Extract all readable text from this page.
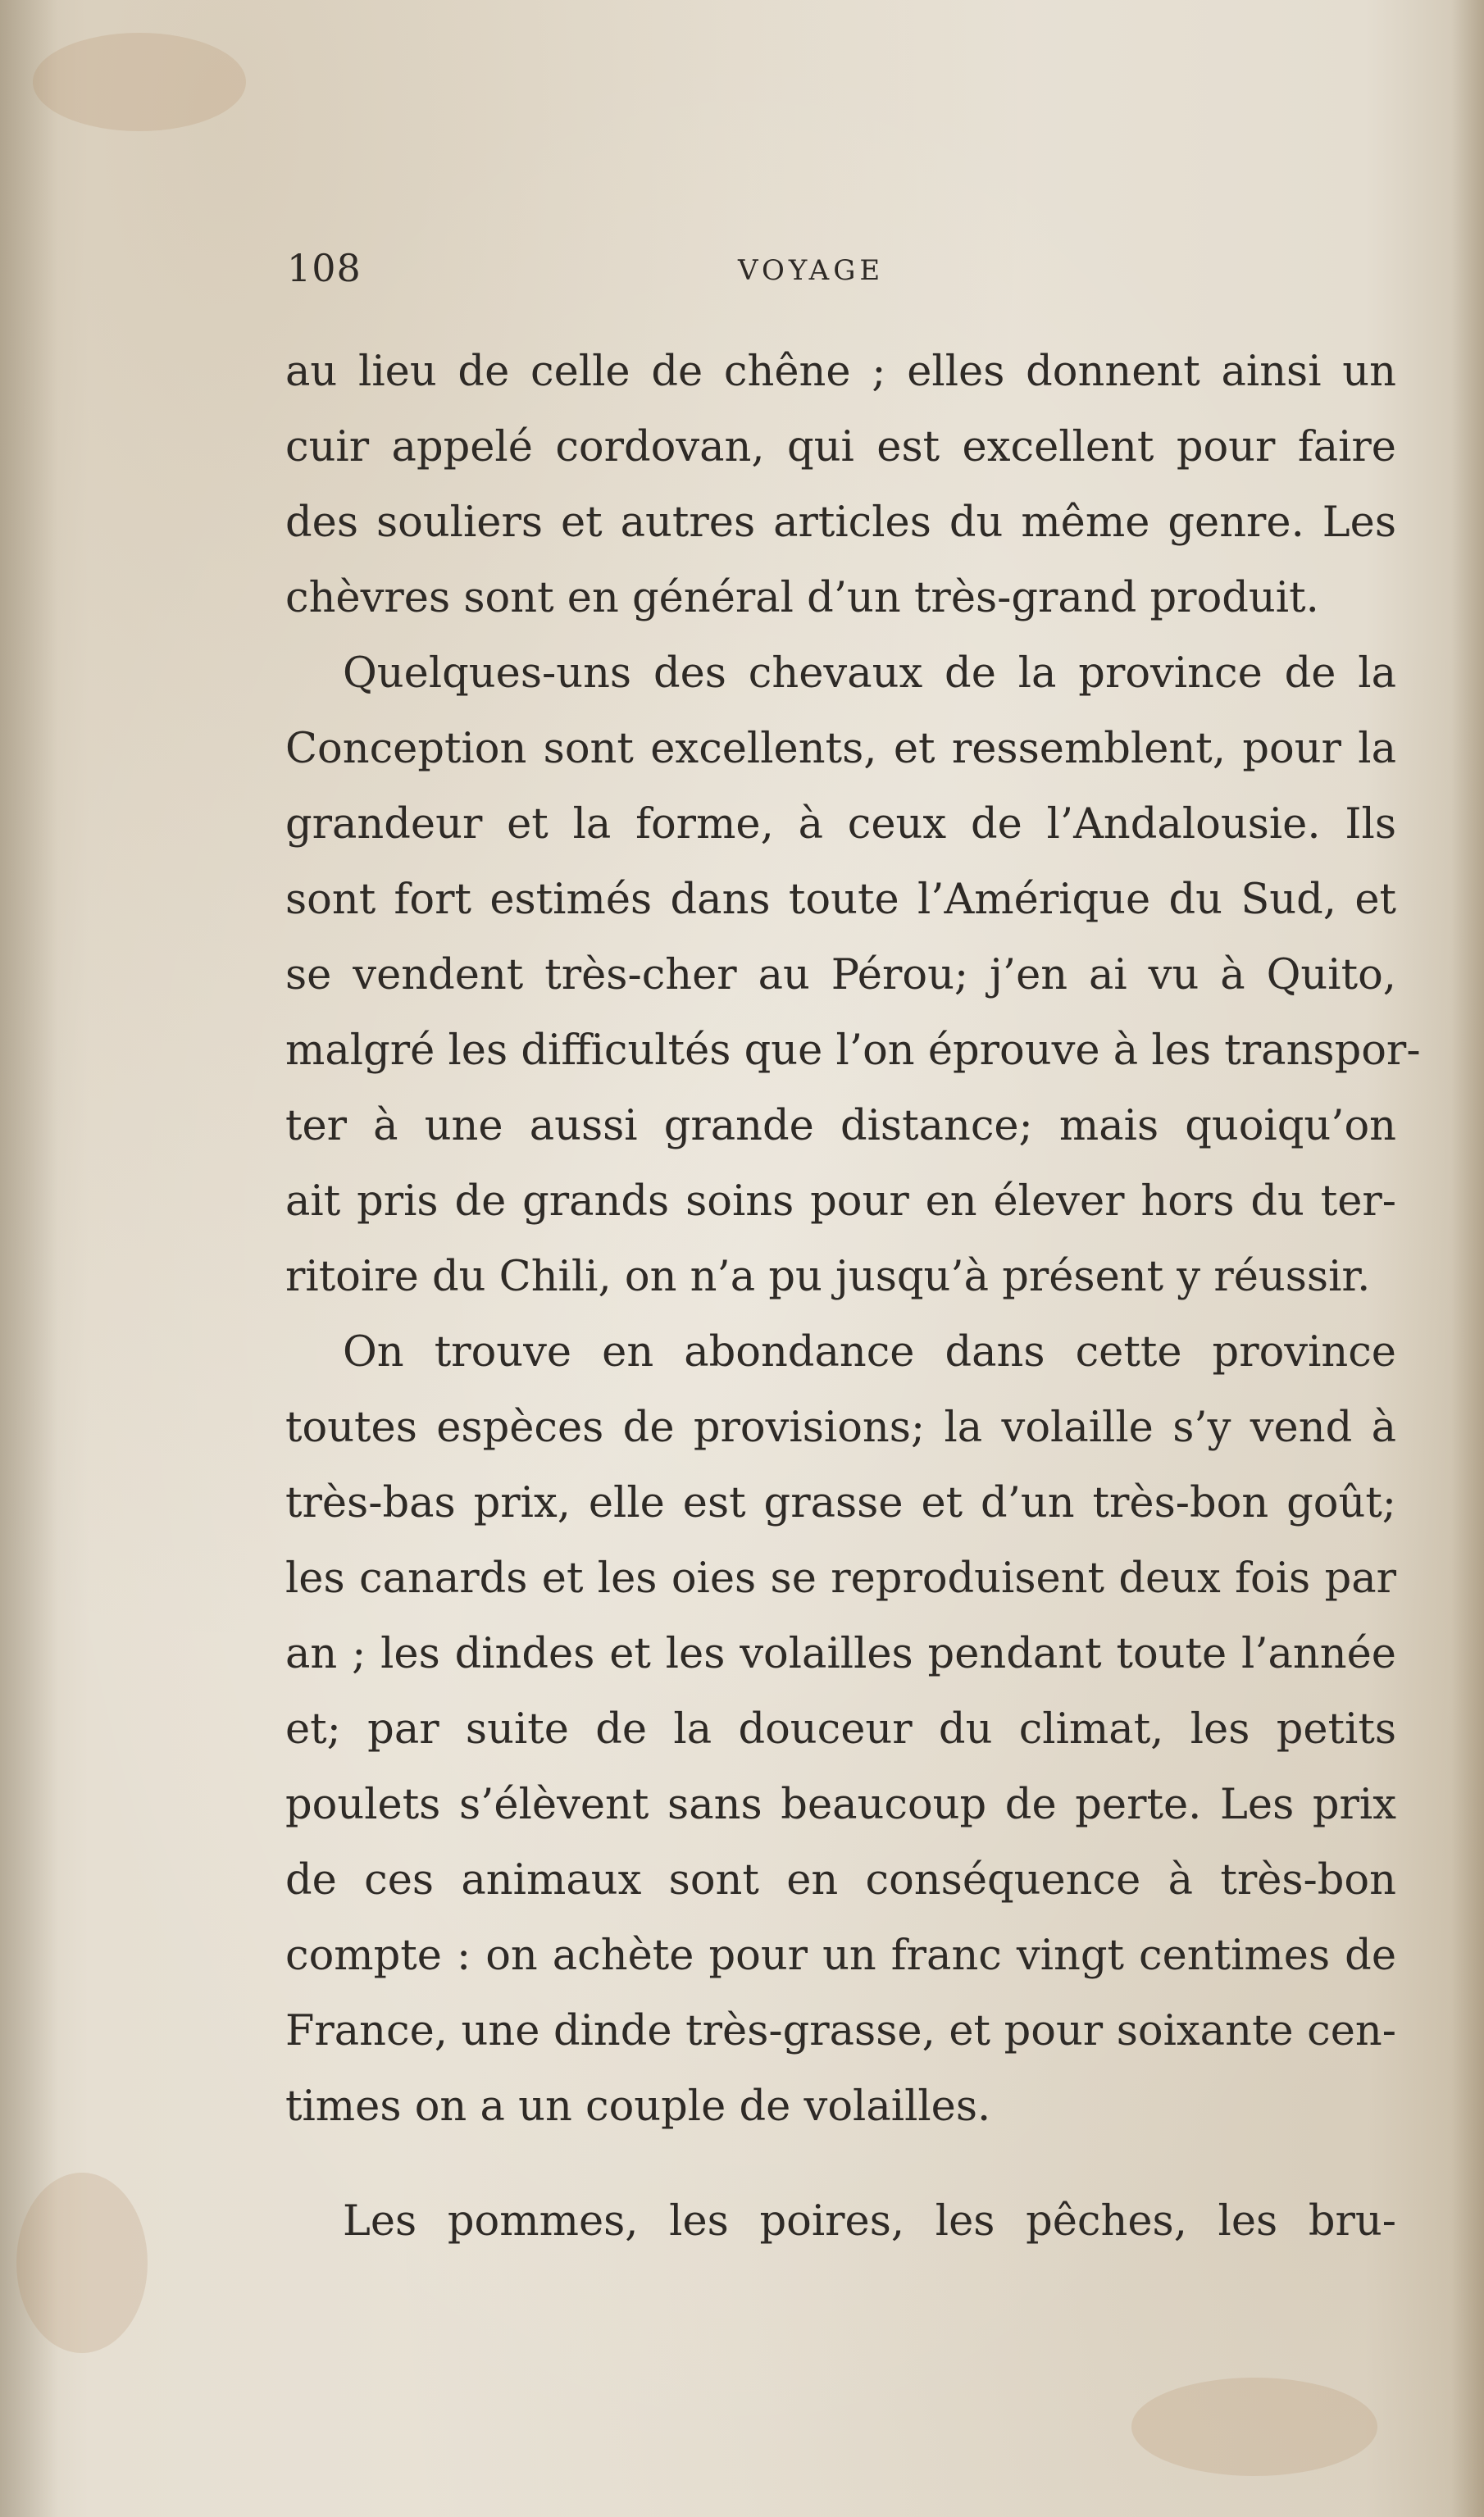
108	VOYAGE
au lieu de celle de chêne ; elles donnent ainsi un
cuir appelé cordovan, qui est excellent pour faire
des souliers et autres articles du même genre. Les
chèvres sont en général d’un très-grand produit.
Quelques-uns des chevaux de la province de la
Conception sont excellents, et ressemblent, pour la
grandeur et la forme, à ceux de l’Andalousie. Ils
sont fort estimés dans toute l’Amérique du Sud, et
se vendent très-cher au Pérou; j’en ai vu à Quito,
malgré les difficultés que l’on éprouve à les transpor-
ter à une aussi grande distance; mais quoiqu’on
ait pris de grands soins pour en élever hors du ter-
ritoire du Chili, on n’a pu jusqu’à présent y réussir.
On trouve en abondance dans cette province
toutes espèces de provisions; la volaille s’y vend à
très-bas prix, elle est grasse et d’un très-bon goût;
les canards et les oies se reproduisent deux fois par
an ; les dindes et les volailles pendant toute l’année
et; par suite de la douceur du climat, les petits
poulets s’élèvent sans beaucoup de perte. Les prix
de ces animaux sont en conséquence à très-bon
compte : on achète pour un franc vingt centimes de
France, une dinde très-grasse, et pour soixante cen-
times on a un couple de volailles.
Les pommes, les poires, les pêches, les bru-
